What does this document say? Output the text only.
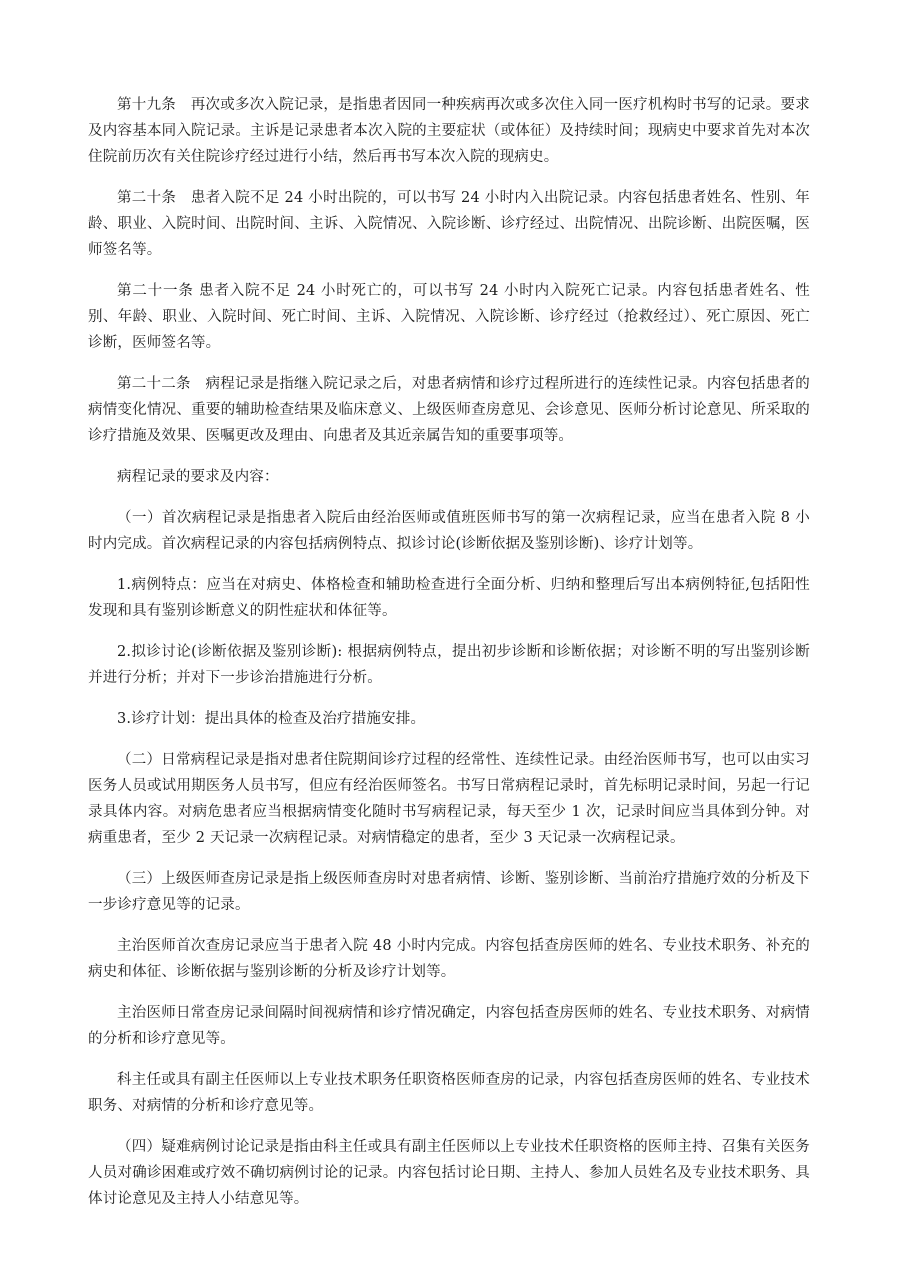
第十九条　再次或多次入院记录，是指患者因同一种疾病再次或多次住入同一医疗机构时书写的记录。要求及内容基本同入院记录。主诉是记录患者本次入院的主要症状（或体征）及持续时间；现病史中要求首先对本次住院前历次有关住院诊疗经过进行小结，然后再书写本次入院的现病史。

第二十条　患者入院不足 24 小时出院的，可以书写 24 小时内入出院记录。内容包括患者姓名、性别、年龄、职业、入院时间、出院时间、主诉、入院情况、入院诊断、诊疗经过、出院情况、出院诊断、出院医嘱，医师签名等。

第二十一条 患者入院不足 24 小时死亡的，可以书写 24 小时内入院死亡记录。内容包括患者姓名、性别、年龄、职业、入院时间、死亡时间、主诉、入院情况、入院诊断、诊疗经过（抢救经过）、死亡原因、死亡诊断，医师签名等。

第二十二条　病程记录是指继入院记录之后，对患者病情和诊疗过程所进行的连续性记录。内容包括患者的病情变化情况、重要的辅助检查结果及临床意义、上级医师查房意见、会诊意见、医师分析讨论意见、所采取的诊疗措施及效果、医嘱更改及理由、向患者及其近亲属告知的重要事项等。

病程记录的要求及内容：

（一）首次病程记录是指患者入院后由经治医师或值班医师书写的第一次病程记录，应当在患者入院 8 小时内完成。首次病程记录的内容包括病例特点、拟诊讨论(诊断依据及鉴别诊断)、诊疗计划等。

1.病例特点：应当在对病史、体格检查和辅助检查进行全面分析、归纳和整理后写出本病例特征,包括阳性发现和具有鉴别诊断意义的阴性症状和体征等。

2.拟诊讨论(诊断依据及鉴别诊断): 根据病例特点，提出初步诊断和诊断依据；对诊断不明的写出鉴别诊断并进行分析；并对下一步诊治措施进行分析。

3.诊疗计划：提出具体的检查及治疗措施安排。

（二）日常病程记录是指对患者住院期间诊疗过程的经常性、连续性记录。由经治医师书写，也可以由实习医务人员或试用期医务人员书写，但应有经治医师签名。书写日常病程记录时，首先标明记录时间，另起一行记录具体内容。对病危患者应当根据病情变化随时书写病程记录，每天至少 1 次，记录时间应当具体到分钟。对病重患者，至少 2 天记录一次病程记录。对病情稳定的患者，至少 3 天记录一次病程记录。

（三）上级医师查房记录是指上级医师查房时对患者病情、诊断、鉴别诊断、当前治疗措施疗效的分析及下一步诊疗意见等的记录。

主治医师首次查房记录应当于患者入院 48 小时内完成。内容包括查房医师的姓名、专业技术职务、补充的病史和体征、诊断依据与鉴别诊断的分析及诊疗计划等。

主治医师日常查房记录间隔时间视病情和诊疗情况确定，内容包括查房医师的姓名、专业技术职务、对病情的分析和诊疗意见等。

科主任或具有副主任医师以上专业技术职务任职资格医师查房的记录，内容包括查房医师的姓名、专业技术职务、对病情的分析和诊疗意见等。

（四）疑难病例讨论记录是指由科主任或具有副主任医师以上专业技术任职资格的医师主持、召集有关医务人员对确诊困难或疗效不确切病例讨论的记录。内容包括讨论日期、主持人、参加人员姓名及专业技术职务、具体讨论意见及主持人小结意见等。
